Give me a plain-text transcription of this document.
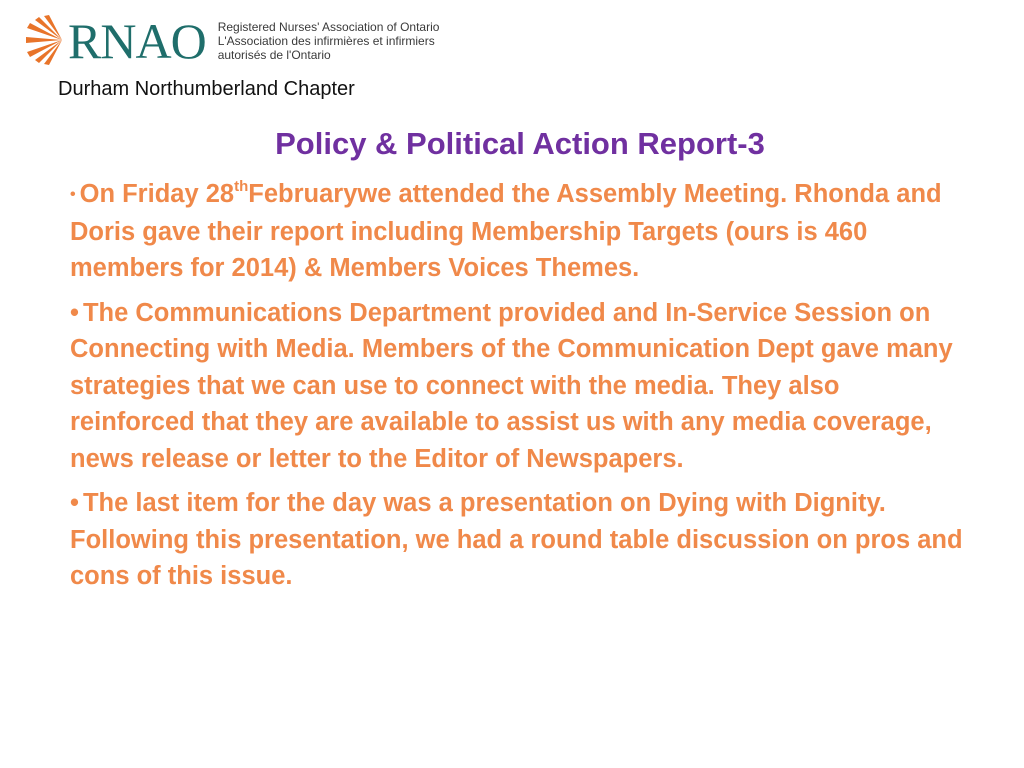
RNAO Registered Nurses' Association of Ontario
L'Association des infirmières et infirmiers
autorisés de l'Ontario
Durham Northumberland Chapter
Policy & Political Action Report-3

• On Friday 28thFebruarywe attended the Assembly Meeting. Rhonda and Doris gave their report including Membership Targets (ours is 460 members for 2014) & Members Voices Themes.

• The Communications Department provided and In-Service Session on Connecting with Media. Members of the Communication Dept gave many strategies that we can use to connect with the media. They also reinforced that they are available to assist us with any media coverage, news release or letter to the Editor of Newspapers.

• The last item for the day was a presentation on Dying with Dignity. Following this presentation, we had a round table discussion on pros and cons of this issue.
